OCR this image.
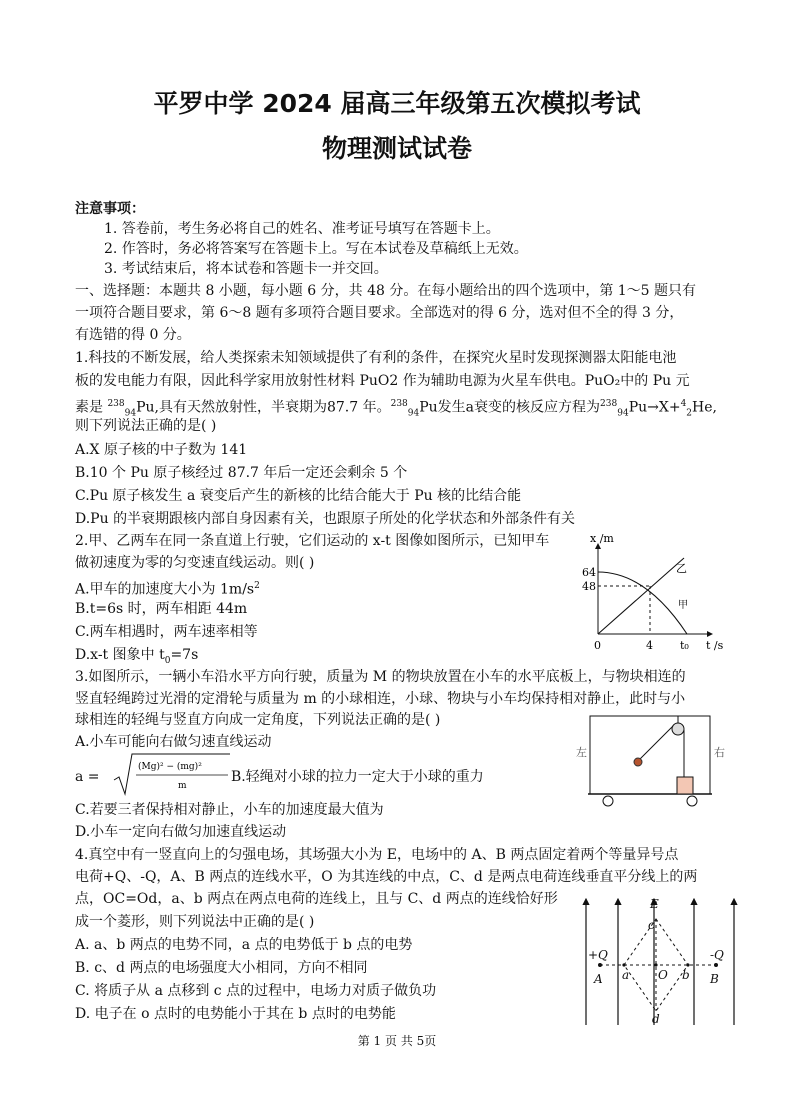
平罗中学 2024 届高三年级第五次模拟考试
物理测试试卷
注意事项：
1. 答卷前，考生务必将自己的姓名、准考证号填写在答题卡上。
2. 作答时，务必将答案写在答题卡上。写在本试卷及草稿纸上无效。
3. 考试结束后，将本试卷和答题卡一并交回。
一、选择题：本题共 8 小题，每小题 6 分，共 48 分。在每小题给出的四个选项中，第 1～5 题只有
一项符合题目要求，第 6～8 题有多项符合题目要求。全部选对的得 6 分，选对但不全的得 3 分，
有选错的得 0 分。
1.科技的不断发展，给人类探索未知领域提供了有利的条件，在探究火星时发现探测器太阳能电池
板的发电能力有限，因此科学家用放射性材料 PuO2 作为辅助电源为火星车供电。PuO₂中的 Pu 元
素是 $^{238}_{94}$Pu,具有天然放射性，半衰期为87.7 年。$^{238}_{94}$Pu发生a衰变的核反应方程为$^{238}_{94}$Pu→X+$^4_2$He,
则下列说法正确的是( )
A.X 原子核的中子数为 141
B.10 个 Pu 原子核经过 87.7 年后一定还会剩余 5 个
C.Pu 原子核发生 a 衰变后产生的新核的比结合能大于 Pu 核的比结合能
D.Pu 的半衰期跟核内部自身因素有关，也跟原子所处的化学状态和外部条件有关
2.甲、乙两车在同一条直道上行驶，它们运动的 x-t 图像如图所示，已知甲车
做初速度为零的匀变速直线运动。则( )
A.甲车的加速度大小为 $1m/s^2$
B.t=6s 时，两车相距 44m
C.两车相遇时，两车速率相等
D.x-t 图象中 $t_0=7s$
x /m
t /s
64
48
0	4 t₀
乙
甲
3.如图所示，一辆小车沿水平方向行驶，质量为 M 的物块放置在小车的水平底板上，与物块相连的
竖直轻绳跨过光滑的定滑轮与质量为 m 的小球相连，小球、物块与小车均保持相对静止，此时与小
球相连的轻绳与竖直方向成一定角度，下列说法正确的是( )
A.小车可能向右做匀速直线运动
a =
(Mg)² − (mg)²
m
B.轻绳对小球的拉力一定大于小球的重力
C.若要三者保持相对静止，小车的加速度最大值为
D.小车一定向右做匀加速直线运动
左	右
4.真空中有一竖直向上的匀强电场，其场强大小为 E，电场中的 A、B 两点固定着两个等量异号点
电荷+Q、-Q，A、B 两点的连线水平，O 为其连线的中点，C、d 是两点电荷连线垂直平分线上的两
点，OC=Od，a、b 两点在两点电荷的连线上，且与 C、d 两点的连线恰好形
成一个菱形，则下列说法中正确的是( )
A. a、b 两点的电势不同，a 点的电势低于 b 点的电势
B. c、d 两点的电场强度大小相同，方向不相同
C. 将质子从 a 点移到 c 点的过程中，电场力对质子做负功
D. 电子在 o 点时的电势能小于其在 b 点时的电势能
E
c
d
+Q	-Q
A	B
a	b
O
第 1 页 共 5页
